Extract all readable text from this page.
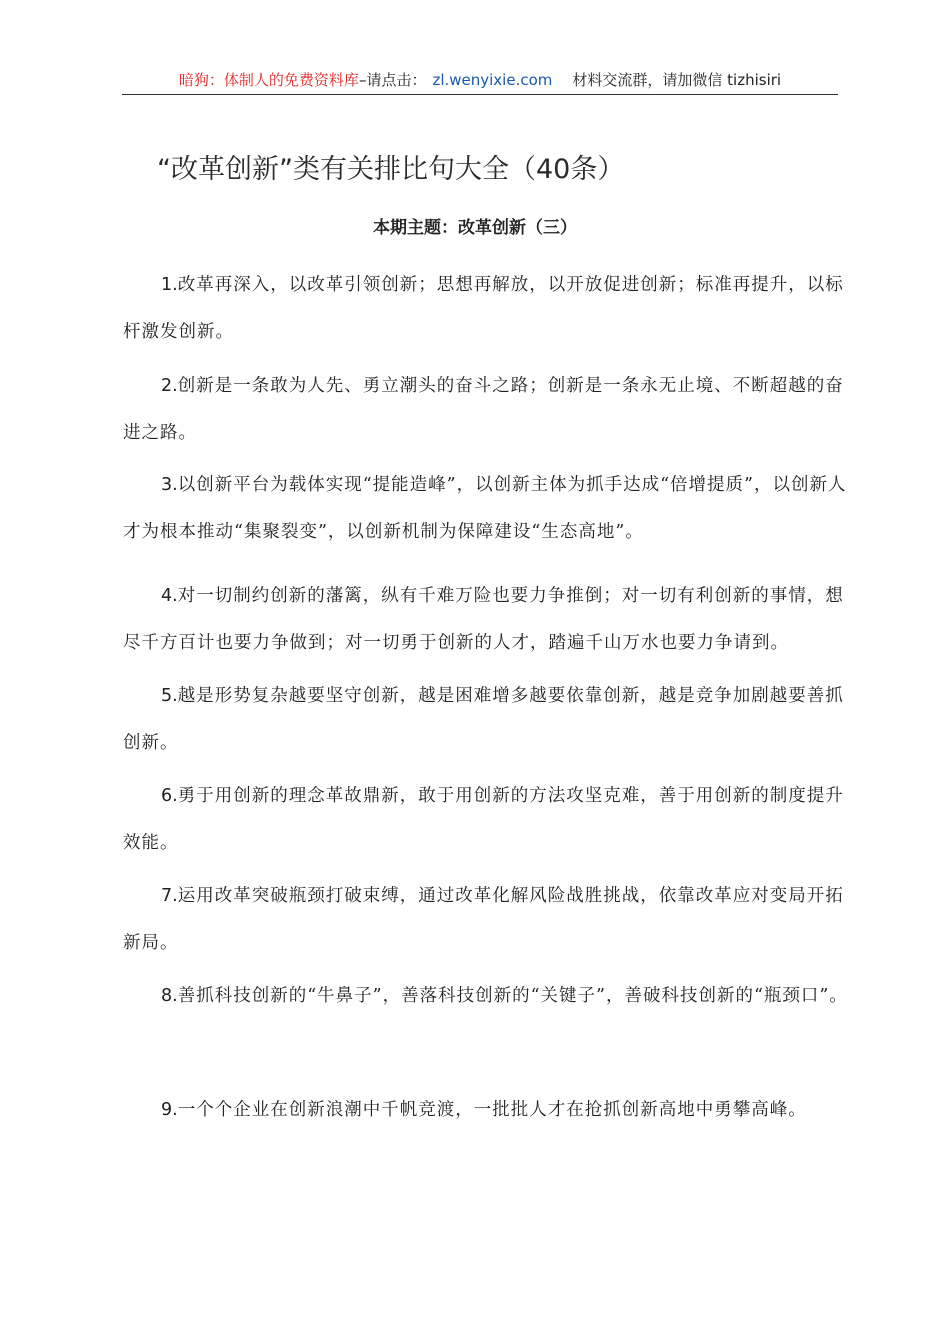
暗狗：体制人的免费资料库–请点击： zl.wenyixie.com 材料交流群，请加微信 tizhisiri
“改革创新”类有关排比句大全（40条）
本期主题：改革创新（三）
1.改革再深入，以改革引领创新；思想再解放，以开放促进创新；标准再提升，以标杆激发创新。
2.创新是一条敢为人先、勇立潮头的奋斗之路；创新是一条永无止境、不断超越的奋进之路。
3.以创新平台为载体实现“提能造峰”，以创新主体为抓手达成“倍增提质”，以创新人才为根本推动“集聚裂变”，以创新机制为保障建设“生态高地”。
4.对一切制约创新的藩篱，纵有千难万险也要力争推倒；对一切有利创新的事情，想尽千方百计也要力争做到；对一切勇于创新的人才，踏遍千山万水也要力争请到。
5.越是形势复杂越要坚守创新，越是困难增多越要依靠创新，越是竞争加剧越要善抓创新。
6.勇于用创新的理念革故鼎新，敢于用创新的方法攻坚克难，善于用创新的制度提升效能。
7.运用改革突破瓶颈打破束缚，通过改革化解风险战胜挑战，依靠改革应对变局开拓新局。
8.善抓科技创新的“牛鼻子”，善落科技创新的“关键子”，善破科技创新的“瓶颈口”。
9.一个个企业在创新浪潮中千帆竞渡，一批批人才在抢抓创新高地中勇攀高峰。
